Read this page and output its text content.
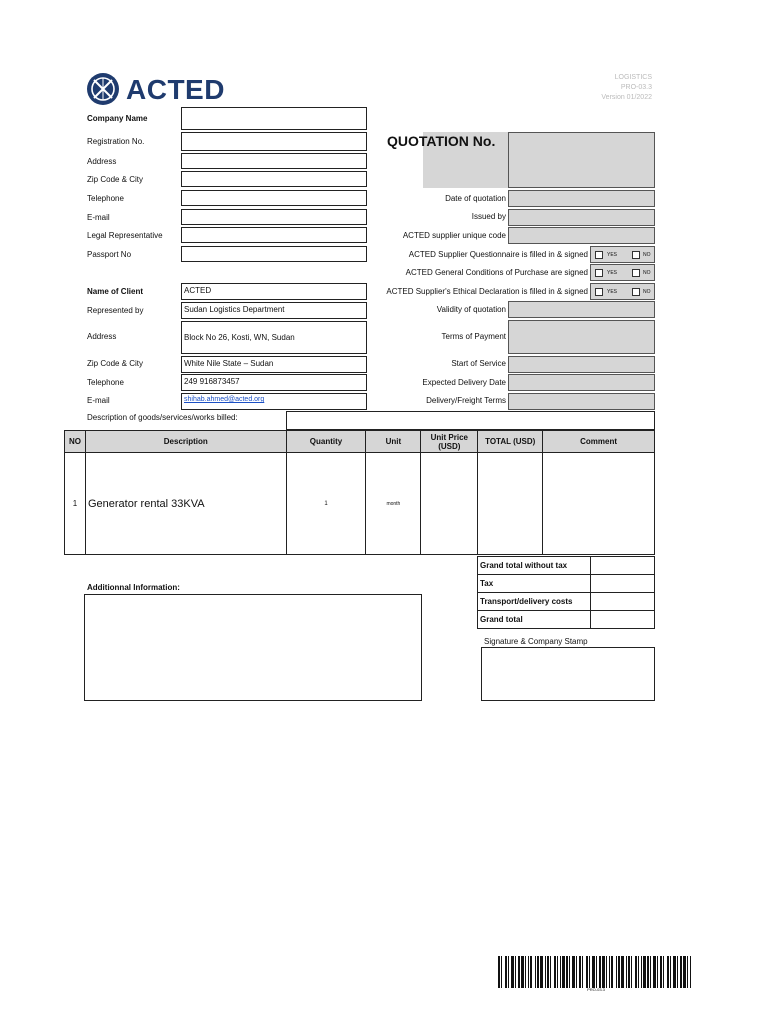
ACTED	LOGISTICS
PRO-03.3
Version 01/2022
Company Name
Registration No.
Address
Zip Code & City
Telephone
E-mail
Legal Representative
Passport No
QUOTATION No.
Date of quotation
Issued by
ACTED supplier unique code
ACTED Supplier Questionnaire is filled in & signed	YES	NO
ACTED General Conditions of Purchase are signed	YES	NO
ACTED Supplier's Ethical Declaration is filled in & signed	YES	NO
Validity of quotation
Terms of Payment
Start of Service
Expected Delivery Date
Delivery/Freight Terms
Name of Client	ACTED
Represented by	Sudan Logistics Department
Address	Block No 26, Kosti, WN, Sudan
Zip Code & City	White Nile State – Sudan
Telephone	249 916873457
E-mail	shihab.ahmed@acted.org
Description of goods/services/works billed:
NO	Description	Quantity	Unit	Unit Price (USD)	TOTAL (USD)	Comment
1	Generator rental 33KVA	1	month			
Grand total without tax	
Tax	
Transport/delivery costs	
Grand total	
Additionnal Information:
Signature & Company Stamp
PRO-03.3
